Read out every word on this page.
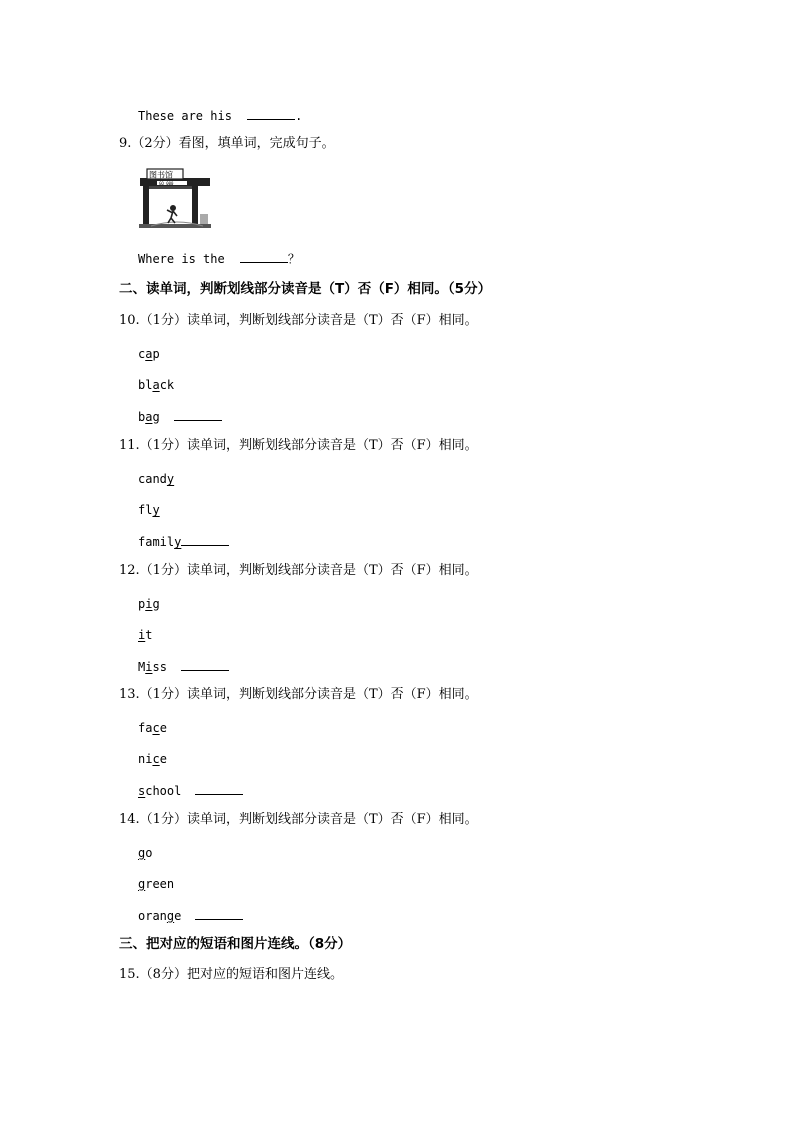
These are his	.
9.（2分）看图，填单词，完成句子。
图书馆
GO 000
Where is the	？
二、读单词，判断划线部分读音是（T）否（F）相同。（5分）
10.（1分）读单词，判断划线部分读音是（T）否（F）相同。
cap
black
bag
11.（1分）读单词，判断划线部分读音是（T）否（F）相同。
candy
fly
family
12.（1分）读单词，判断划线部分读音是（T）否（F）相同。
pig
it
Miss
13.（1分）读单词，判断划线部分读音是（T）否（F）相同。
face
nice
school
14.（1分）读单词，判断划线部分读音是（T）否（F）相同。
go
green
orange
三、把对应的短语和图片连线。（8分）
15.（8分）把对应的短语和图片连线。
